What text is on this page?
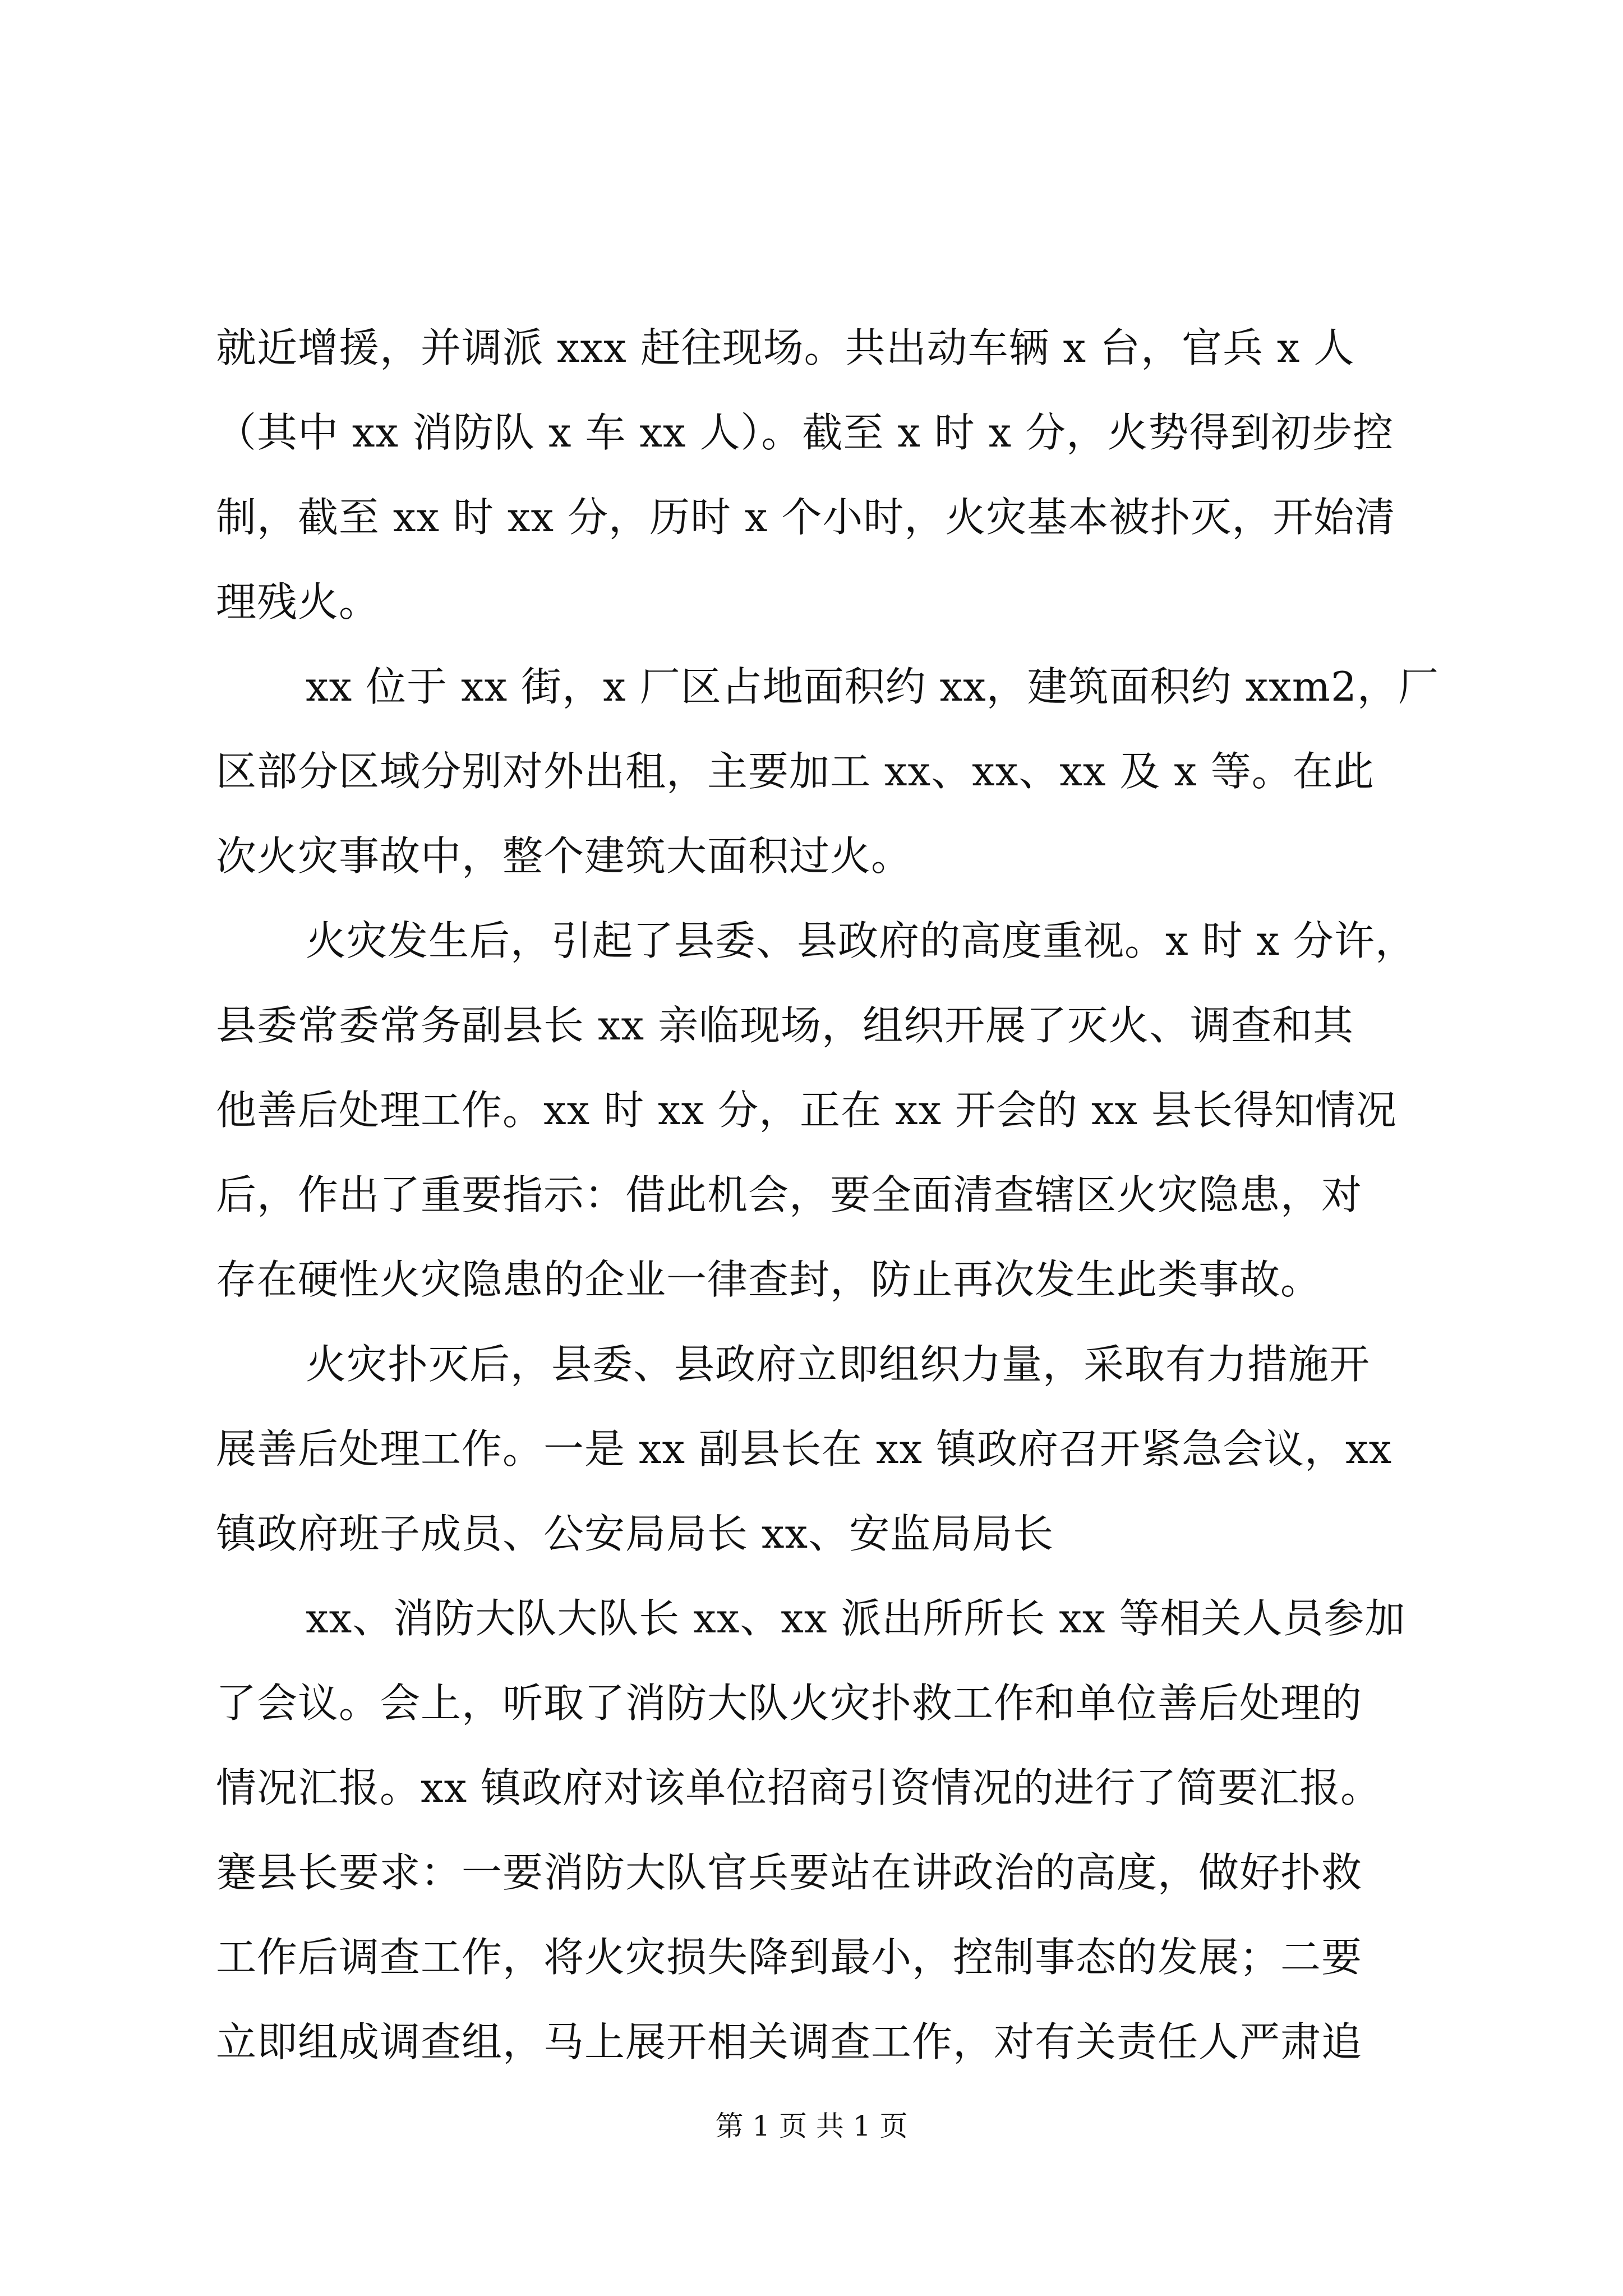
就近增援，并调派 xxx 赶往现场。共出动车辆 x 台，官兵 x 人
（其中 xx 消防队 x 车 xx 人）。截至 x 时 x 分，火势得到初步控
制，截至 xx 时 xx 分，历时 x 个小时，火灾基本被扑灭，开始清
理残火。
xx 位于 xx 街，x 厂区占地面积约 xx，建筑面积约 xxm2，厂
区部分区域分别对外出租，主要加工 xx、xx、xx 及 x 等。在此
次火灾事故中，整个建筑大面积过火。
火灾发生后，引起了县委、县政府的高度重视。x 时 x 分许，
县委常委常务副县长 xx 亲临现场，组织开展了灭火、调查和其
他善后处理工作。xx 时 xx 分，正在 xx 开会的 xx 县长得知情况
后，作出了重要指示：借此机会，要全面清查辖区火灾隐患，对
存在硬性火灾隐患的企业一律查封，防止再次发生此类事故。
火灾扑灭后，县委、县政府立即组织力量，采取有力措施开
展善后处理工作。一是 xx 副县长在 xx 镇政府召开紧急会议，xx
镇政府班子成员、公安局局长 xx、安监局局长
xx、消防大队大队长 xx、xx 派出所所长 xx 等相关人员参加
了会议。会上，听取了消防大队火灾扑救工作和单位善后处理的
情况汇报。xx 镇政府对该单位招商引资情况的进行了简要汇报。
蹇县长要求：一要消防大队官兵要站在讲政治的高度，做好扑救
工作后调查工作，将火灾损失降到最小，控制事态的发展；二要
立即组成调查组，马上展开相关调查工作，对有关责任人严肃追
第 1 页 共 1 页
